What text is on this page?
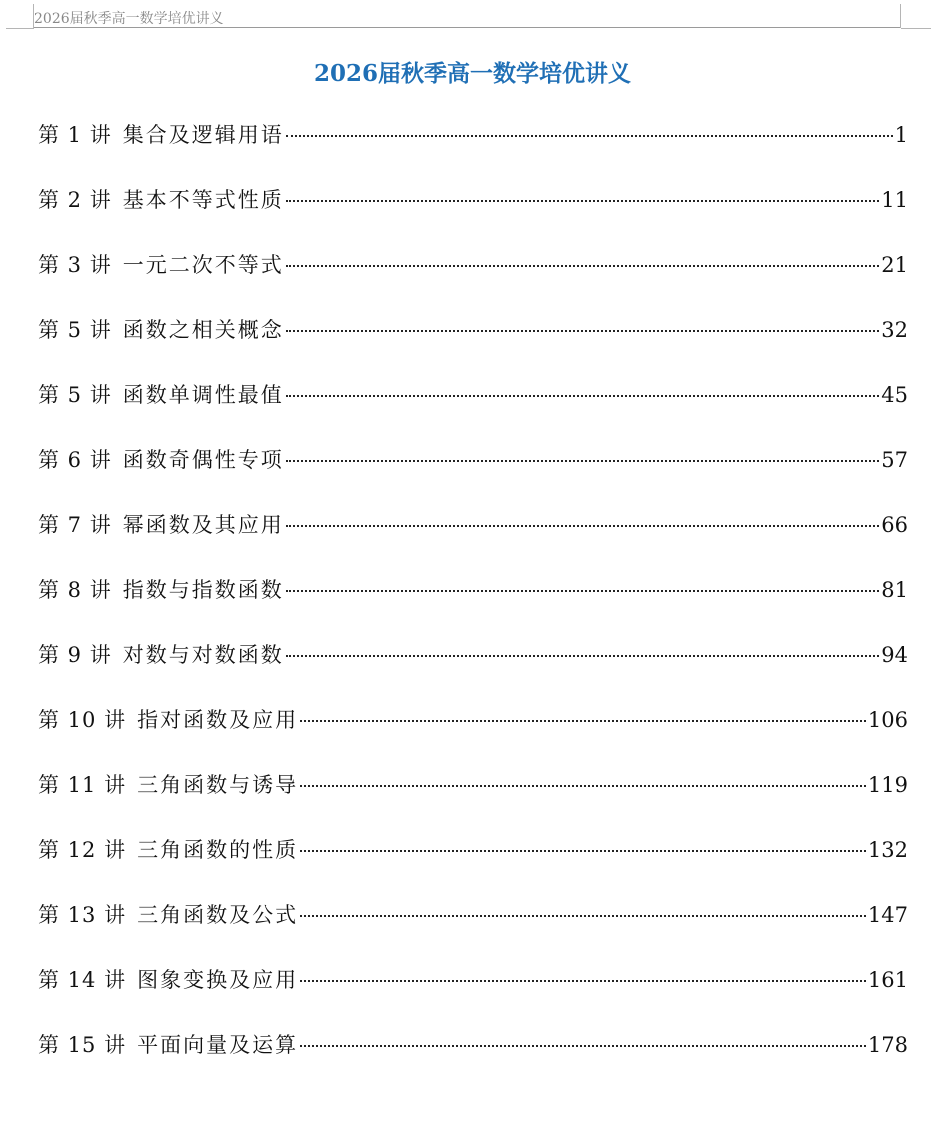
2026届秋季高一数学培优讲义
2026届秋季高一数学培优讲义
第 1 讲 集合及逻辑用语	1
第 2 讲 基本不等式性质	11
第 3 讲 一元二次不等式	21
第 5 讲 函数之相关概念	32
第 5 讲 函数单调性最值	45
第 6 讲 函数奇偶性专项	57
第 7 讲 幂函数及其应用	66
第 8 讲 指数与指数函数	81
第 9 讲 对数与对数函数	94
第 10 讲 指对函数及应用	106
第 11 讲 三角函数与诱导	119
第 12 讲 三角函数的性质	132
第 13 讲 三角函数及公式	147
第 14 讲 图象变换及应用	161
第 15 讲 平面向量及运算	178
